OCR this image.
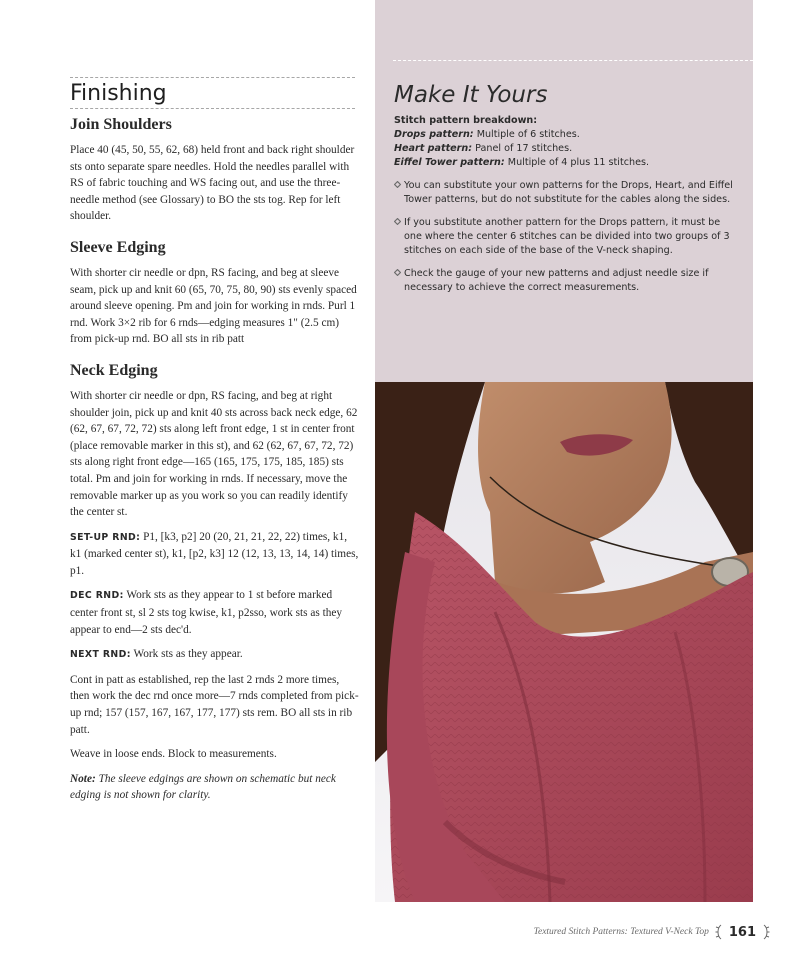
Finishing
Join Shoulders

Place 40 (45, 50, 55, 62, 68) held front and back right shoulder sts onto separate spare needles. Hold the needles parallel with RS of fabric touching and WS facing out, and use the three-needle method (see Glossary) to BO the sts tog. Rep for left shoulder.

Sleeve Edging

With shorter cir needle or dpn, RS facing, and beg at sleeve seam, pick up and knit 60 (65, 70, 75, 80, 90) sts evenly spaced around sleeve opening. Pm and join for working in rnds. Purl 1 rnd. Work 3×2 rib for 6 rnds—edging measures 1" (2.5 cm) from pick-up rnd. BO all sts in rib patt

Neck Edging

With shorter cir needle or dpn, RS facing, and beg at right shoulder join, pick up and knit 40 sts across back neck edge, 62 (62, 67, 67, 72, 72) sts along left front edge, 1 st in center front (place removable marker in this st), and 62 (62, 67, 67, 72, 72) sts along right front edge—165 (165, 175, 175, 185, 185) sts total. Pm and join for working in rnds. If necessary, move the removable marker up as you work so you can readily identify the center st.

SET-UP RND: P1, [k3, p2] 20 (20, 21, 21, 22, 22) times, k1, k1 (marked center st), k1, [p2, k3] 12 (12, 13, 13, 14, 14) times, p1.

DEC RND: Work sts as they appear to 1 st before marked center front st, sl 2 sts tog kwise, k1, p2sso, work sts as they appear to end—2 sts dec'd.

NEXT RND: Work sts as they appear.

Cont in patt as established, rep the last 2 rnds 2 more times, then work the dec rnd once more—7 rnds completed from pick-up rnd; 157 (157, 167, 167, 177, 177) sts rem. BO all sts in rib patt.

Weave in loose ends. Block to measurements.

Note: The sleeve edgings are shown on schematic but neck edging is not shown for clarity.

Make It Yours

Stitch pattern breakdown:

Drops pattern: Multiple of 6 stitches.

Heart pattern: Panel of 17 stitches.

Eiffel Tower pattern: Multiple of 4 plus 11 stitches.

You can substitute your own patterns for the Drops, Heart, and Eiffel Tower patterns, but do not substitute for the cables along the sides.
If you substitute another pattern for the Drops pattern, it must be one where the center 6 stitches can be divided into two groups of 3 stitches on each side of the base of the V-neck shaping.
Check the gauge of your new patterns and adjust needle size if necessary to achieve the correct measurements.
Textured Stitch Patterns: Textured V-Neck Top 161
